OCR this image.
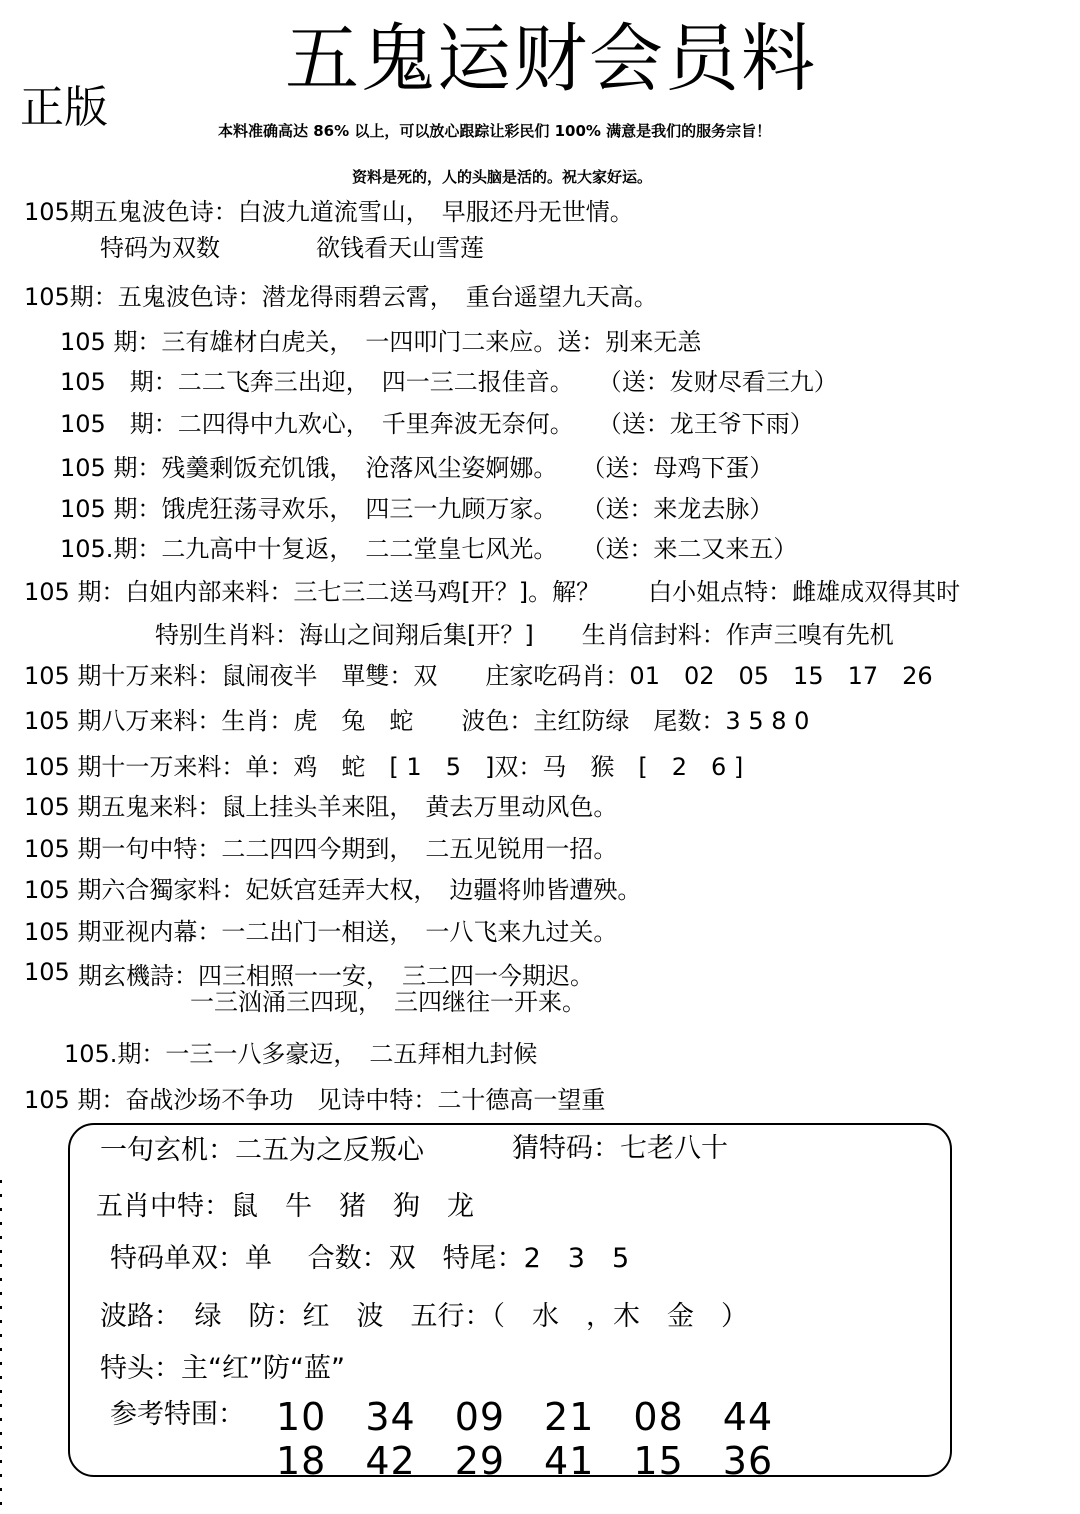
五鬼运财会员料
正版	本料准确高达 86% 以上，可以放心跟踪让彩民们 100% 满意是我们的服务宗旨！
资料是死的，人的头脑是活的。祝大家好运。
105期五鬼波色诗：白波九道流雪山，　早服还丹无世情。
特码为双数　　　　欲钱看天山雪莲
105期：五鬼波色诗：潜龙得雨碧云霄，　重台遥望九天高。
105 期：三有雄材白虎关，　一四叩门二来应。送：别来无恙
105　期：二二飞奔三出迎，　四一三二报佳音。　　（送：发财尽看三九）
105　期：二四得中九欢心，　千里奔波无奈何。　　（送：龙王爷下雨）
105 期：残羹剩饭充饥饿，　沧落风尘姿婀娜。　　（送：母鸡下蛋）
105 期：饿虎狂荡寻欢乐，　四三一九顾万家。　　（送：来龙去脉）
105.期：二九高中十复返，　二二堂皇七风光。　　（送：来二又来五）
105 期：白姐内部来料：三七三二送马鸡[开？]。解？　　白小姐点特：雌雄成双得其时
特别生肖料：海山之间翔后集[开？]　　生肖信封料：作声三嗅有先机
105 期十万来料：鼠闹夜半　單雙：双　　庄家吃码肖：01　02　05　15　17　26
105 期八万来料：生肖：虎　兔　蛇　　波色：主红防绿　尾数：3 5 8 0
105 期十一万来料：单：鸡　蛇　[ 1　5　]双：马　猴　[　2　6 ]
105 期五鬼来料：鼠上挂头羊来阻，　黄去万里动风色。
105 期一句中特：二二四四今期到，　二五见锐用一招。
105 期六合獨家料：妃妖宫廷弄大权，　边疆将帅皆遭殃。
105 期亚视内幕：一二出门一相送，　一八飞来九过关。
105 期玄機詩：四三相照一一安，　三二四一今期迟。
一三汹涌三四现，　三四继往一开来。
105.期：一三一八多豪迈，　二五拜相九封候
105 期：奋战沙场不争功　见诗中特：二十德高一望重
一句玄机：二五为之反叛心	猜特码：七老八十
五肖中特：鼠　牛　猪　狗　龙
特码单双：单　 合数：双　特尾：2　3　5
波路：　绿　防：红　波　五行：（　水　，木　金　）
特头：主“红”防“蓝”
参考特围： 10　34　09　21　08　44
18　42　29　41　15　36
